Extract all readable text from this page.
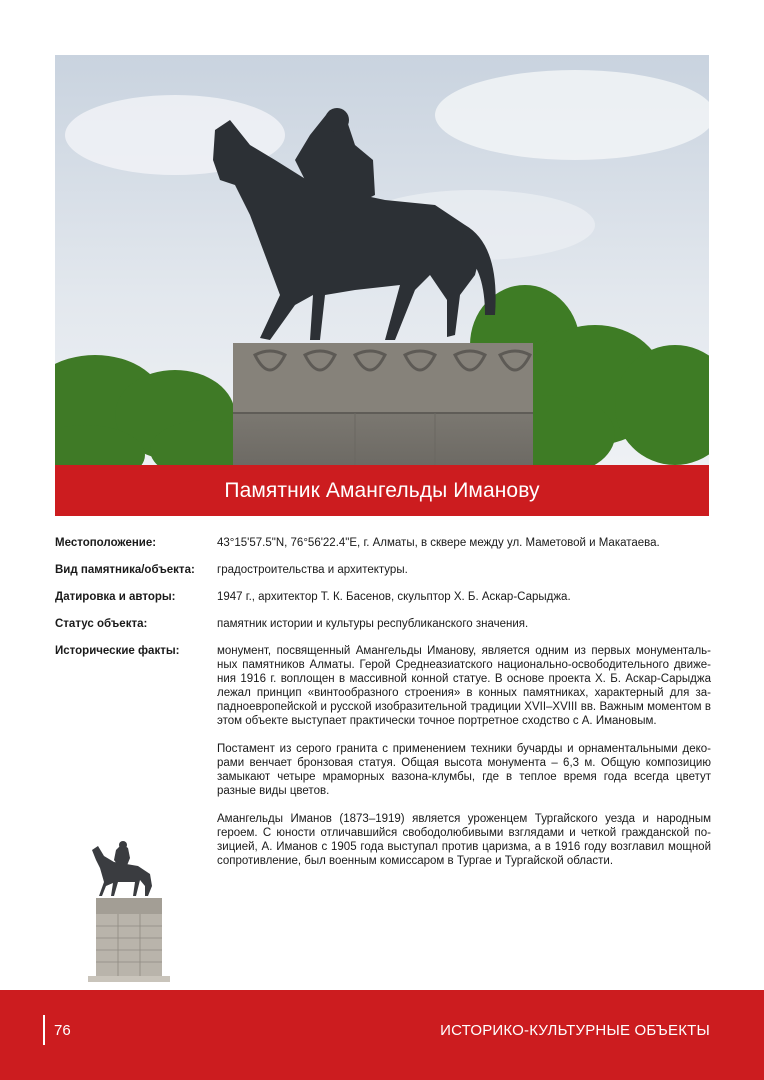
Памятник Амангельды Иманову
Местоположение:	43°15'57.5"N, 76°56'22.4"E, г. Алматы, в сквере между ул. Маметовой и Макатаева.
Вид памятника/объекта:	градостроительства и архитектуры.
Датировка и авторы:	1947 г., архитектор Т. К. Басенов, скульптор Х. Б. Аскар-Сарыджа.
Статус объекта:	памятник истории и культуры республиканского значения.
Исторические факты:	монумент, посвященный Амангельды Иманову, является одним из первых монументаль-ных памятников Алматы. Герой Среднеазиатского национально-освободительного движе-ния 1916 г. воплощен в массивной конной статуе. В основе проекта Х. Б. Аскар-Сарыджа лежал принцип «винтообразного строения» в конных памятниках, характерный для за-падноевропейской и русской изобразительной традиции XVII–XVIII вв. Важным моментом в этом объекте выступает практически точное портретное сходство с А. Имановым.

Постамент из серого гранита с применением техники бучарды и орнаментальными деко-рами венчает бронзовая статуя. Общая высота монумента – 6,3 м. Общую композицию замыкают четыре мраморных вазона-клумбы, где в теплое время года всегда цветут разные виды цветов.

Амангельды Иманов (1873–1919) является уроженцем Тургайского уезда и народным героем. С юности отличавшийся свободолюбивыми взглядами и четкой гражданской по-зицией, А. Иманов с 1905 года выступал против царизма, а в 1916 году возглавил мощной сопротивление, был военным комиссаром в Тургае и Тургайской области.

76	ИСТОРИКО-КУЛЬТУРНЫЕ ОБЪЕКТЫ
